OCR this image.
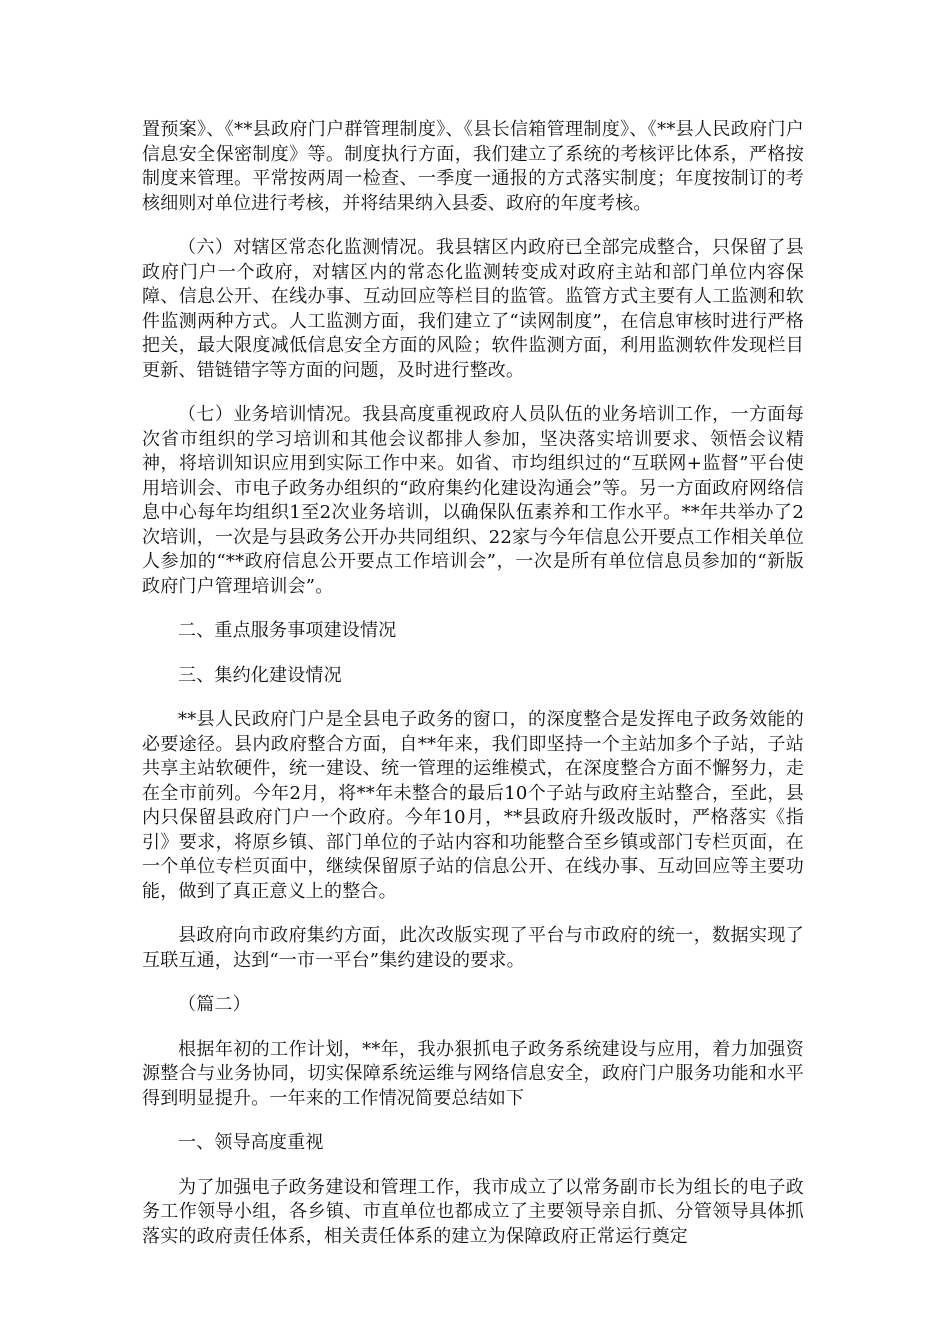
置预案》、《**县政府门户群管理制度》、《县长信箱管理制度》、《**县人民政府门户信息安全保密制度》等。制度执行方面，我们建立了系统的考核评比体系，严格按制度来管理。平常按两周一检查、一季度一通报的方式落实制度；年度按制订的考核细则对单位进行考核，并将结果纳入县委、政府的年度考核。

（六）对辖区常态化监测情况。我县辖区内政府已全部完成整合，只保留了县政府门户一个政府，对辖区内的常态化监测转变成对政府主站和部门单位内容保障、信息公开、在线办事、互动回应等栏目的监管。监管方式主要有人工监测和软件监测两种方式。人工监测方面，我们建立了“读网制度”，在信息审核时进行严格把关，最大限度减低信息安全方面的风险；软件监测方面，利用监测软件发现栏目更新、错链错字等方面的问题，及时进行整改。

（七）业务培训情况。我县高度重视政府人员队伍的业务培训工作，一方面每次省市组织的学习培训和其他会议都排人参加，坚决落实培训要求、领悟会议精神，将培训知识应用到实际工作中来。如省、市均组织过的“互联网+监督”平台使用培训会、市电子政务办组织的“政府集约化建设沟通会”等。另一方面政府网络信息中心每年均组织1至2次业务培训，以确保队伍素养和工作水平。**年共举办了2次培训，一次是与县政务公开办共同组织、22家与今年信息公开要点工作相关单位人参加的“**政府信息公开要点工作培训会”，一次是所有单位信息员参加的“新版政府门户管理培训会”。

二、重点服务事项建设情况

三、集约化建设情况

**县人民政府门户是全县电子政务的窗口，的深度整合是发挥电子政务效能的必要途径。县内政府整合方面，自**年来，我们即坚持一个主站加多个子站，子站共享主站软硬件，统一建设、统一管理的运维模式，在深度整合方面不懈努力，走在全市前列。今年2月，将**年未整合的最后10个子站与政府主站整合，至此，县内只保留县政府门户一个政府。今年10月，**县政府升级改版时，严格落实《指引》要求，将原乡镇、部门单位的子站内容和功能整合至乡镇或部门专栏页面，在一个单位专栏页面中，继续保留原子站的信息公开、在线办事、互动回应等主要功能，做到了真正意义上的整合。

县政府向市政府集约方面，此次改版实现了平台与市政府的统一，数据实现了互联互通，达到“一市一平台”集约建设的要求。

（篇二）

根据年初的工作计划，**年，我办狠抓电子政务系统建设与应用，着力加强资源整合与业务协同，切实保障系统运维与网络信息安全，政府门户服务功能和水平得到明显提升。一年来的工作情况简要总结如下

一、领导高度重视

为了加强电子政务建设和管理工作，我市成立了以常务副市长为组长的电子政务工作领导小组，各乡镇、市直单位也都成立了主要领导亲自抓、分管领导具体抓落实的政府责任体系，相关责任体系的建立为保障政府正常运行奠定
